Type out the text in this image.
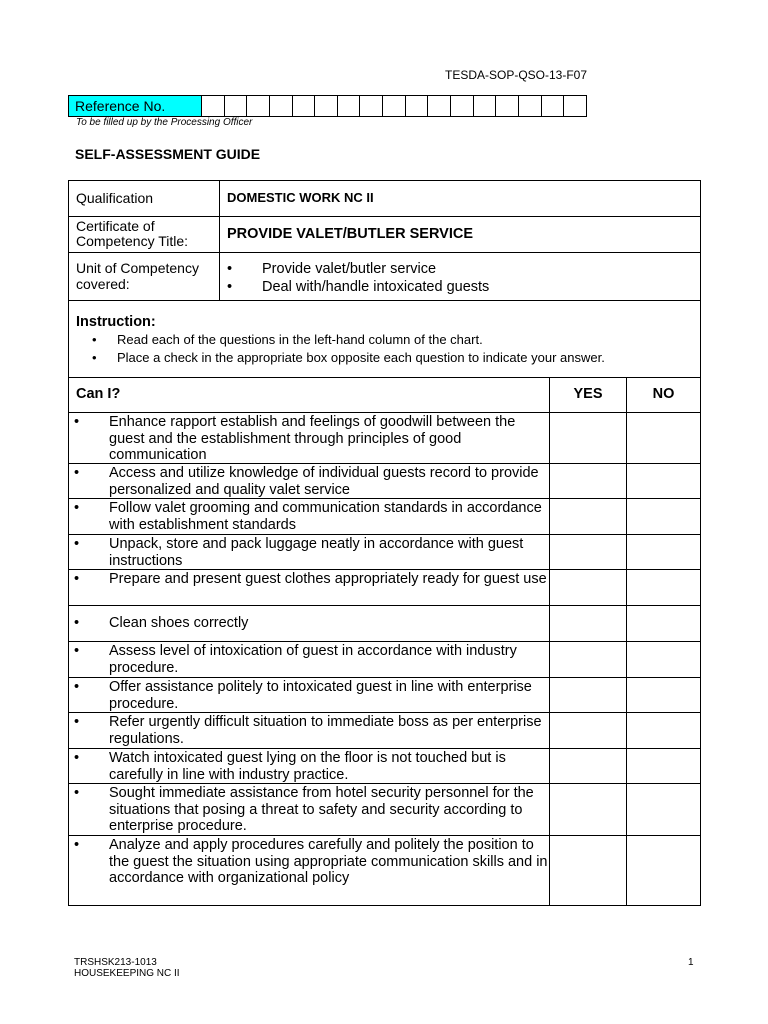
TESDA-SOP-QSO-13-F07
Reference No.
To be filled up by the Processing Officer
SELF-ASSESSMENT GUIDE
Qualification	DOMESTIC WORK NC II
Certificate of
Competency Title:	PROVIDE VALET/BUTLER SERVICE
Unit of Competency
covered:
•	Provide valet/butler service
•	Deal with/handle intoxicated guests
Instruction:
•	Read each of the questions in the left-hand column of the chart.
•	Place a check in the appropriate box opposite each question to indicate your answer.
Can I?	YES	NO
•	Enhance rapport establish and feelings of goodwill between the guest and the establishment through principles of good communication
•	Access and utilize knowledge of individual guests record to provide personalized and quality valet service
•	Follow valet grooming and communication standards in accordance with establishment standards
•	Unpack, store and pack luggage neatly in accordance with guest instructions
•	Prepare and present guest clothes appropriately ready for guest use
•	Clean shoes correctly
•	Assess level of intoxication of guest in accordance with industry procedure.
•	Offer assistance politely to intoxicated guest in line with enterprise procedure.
•	Refer urgently difficult situation to immediate boss as per enterprise regulations.
•	Watch intoxicated guest lying on the floor is not touched but is carefully in line with industry practice.
•	Sought immediate assistance from hotel security personnel for the situations that posing a threat to safety and security according to enterprise procedure.
•	Analyze and apply procedures carefully and politely the position to the guest the situation using appropriate communication skills and in accordance with organizational policy
TRSHSK213-1013
HOUSEKEEPING NC II
1
